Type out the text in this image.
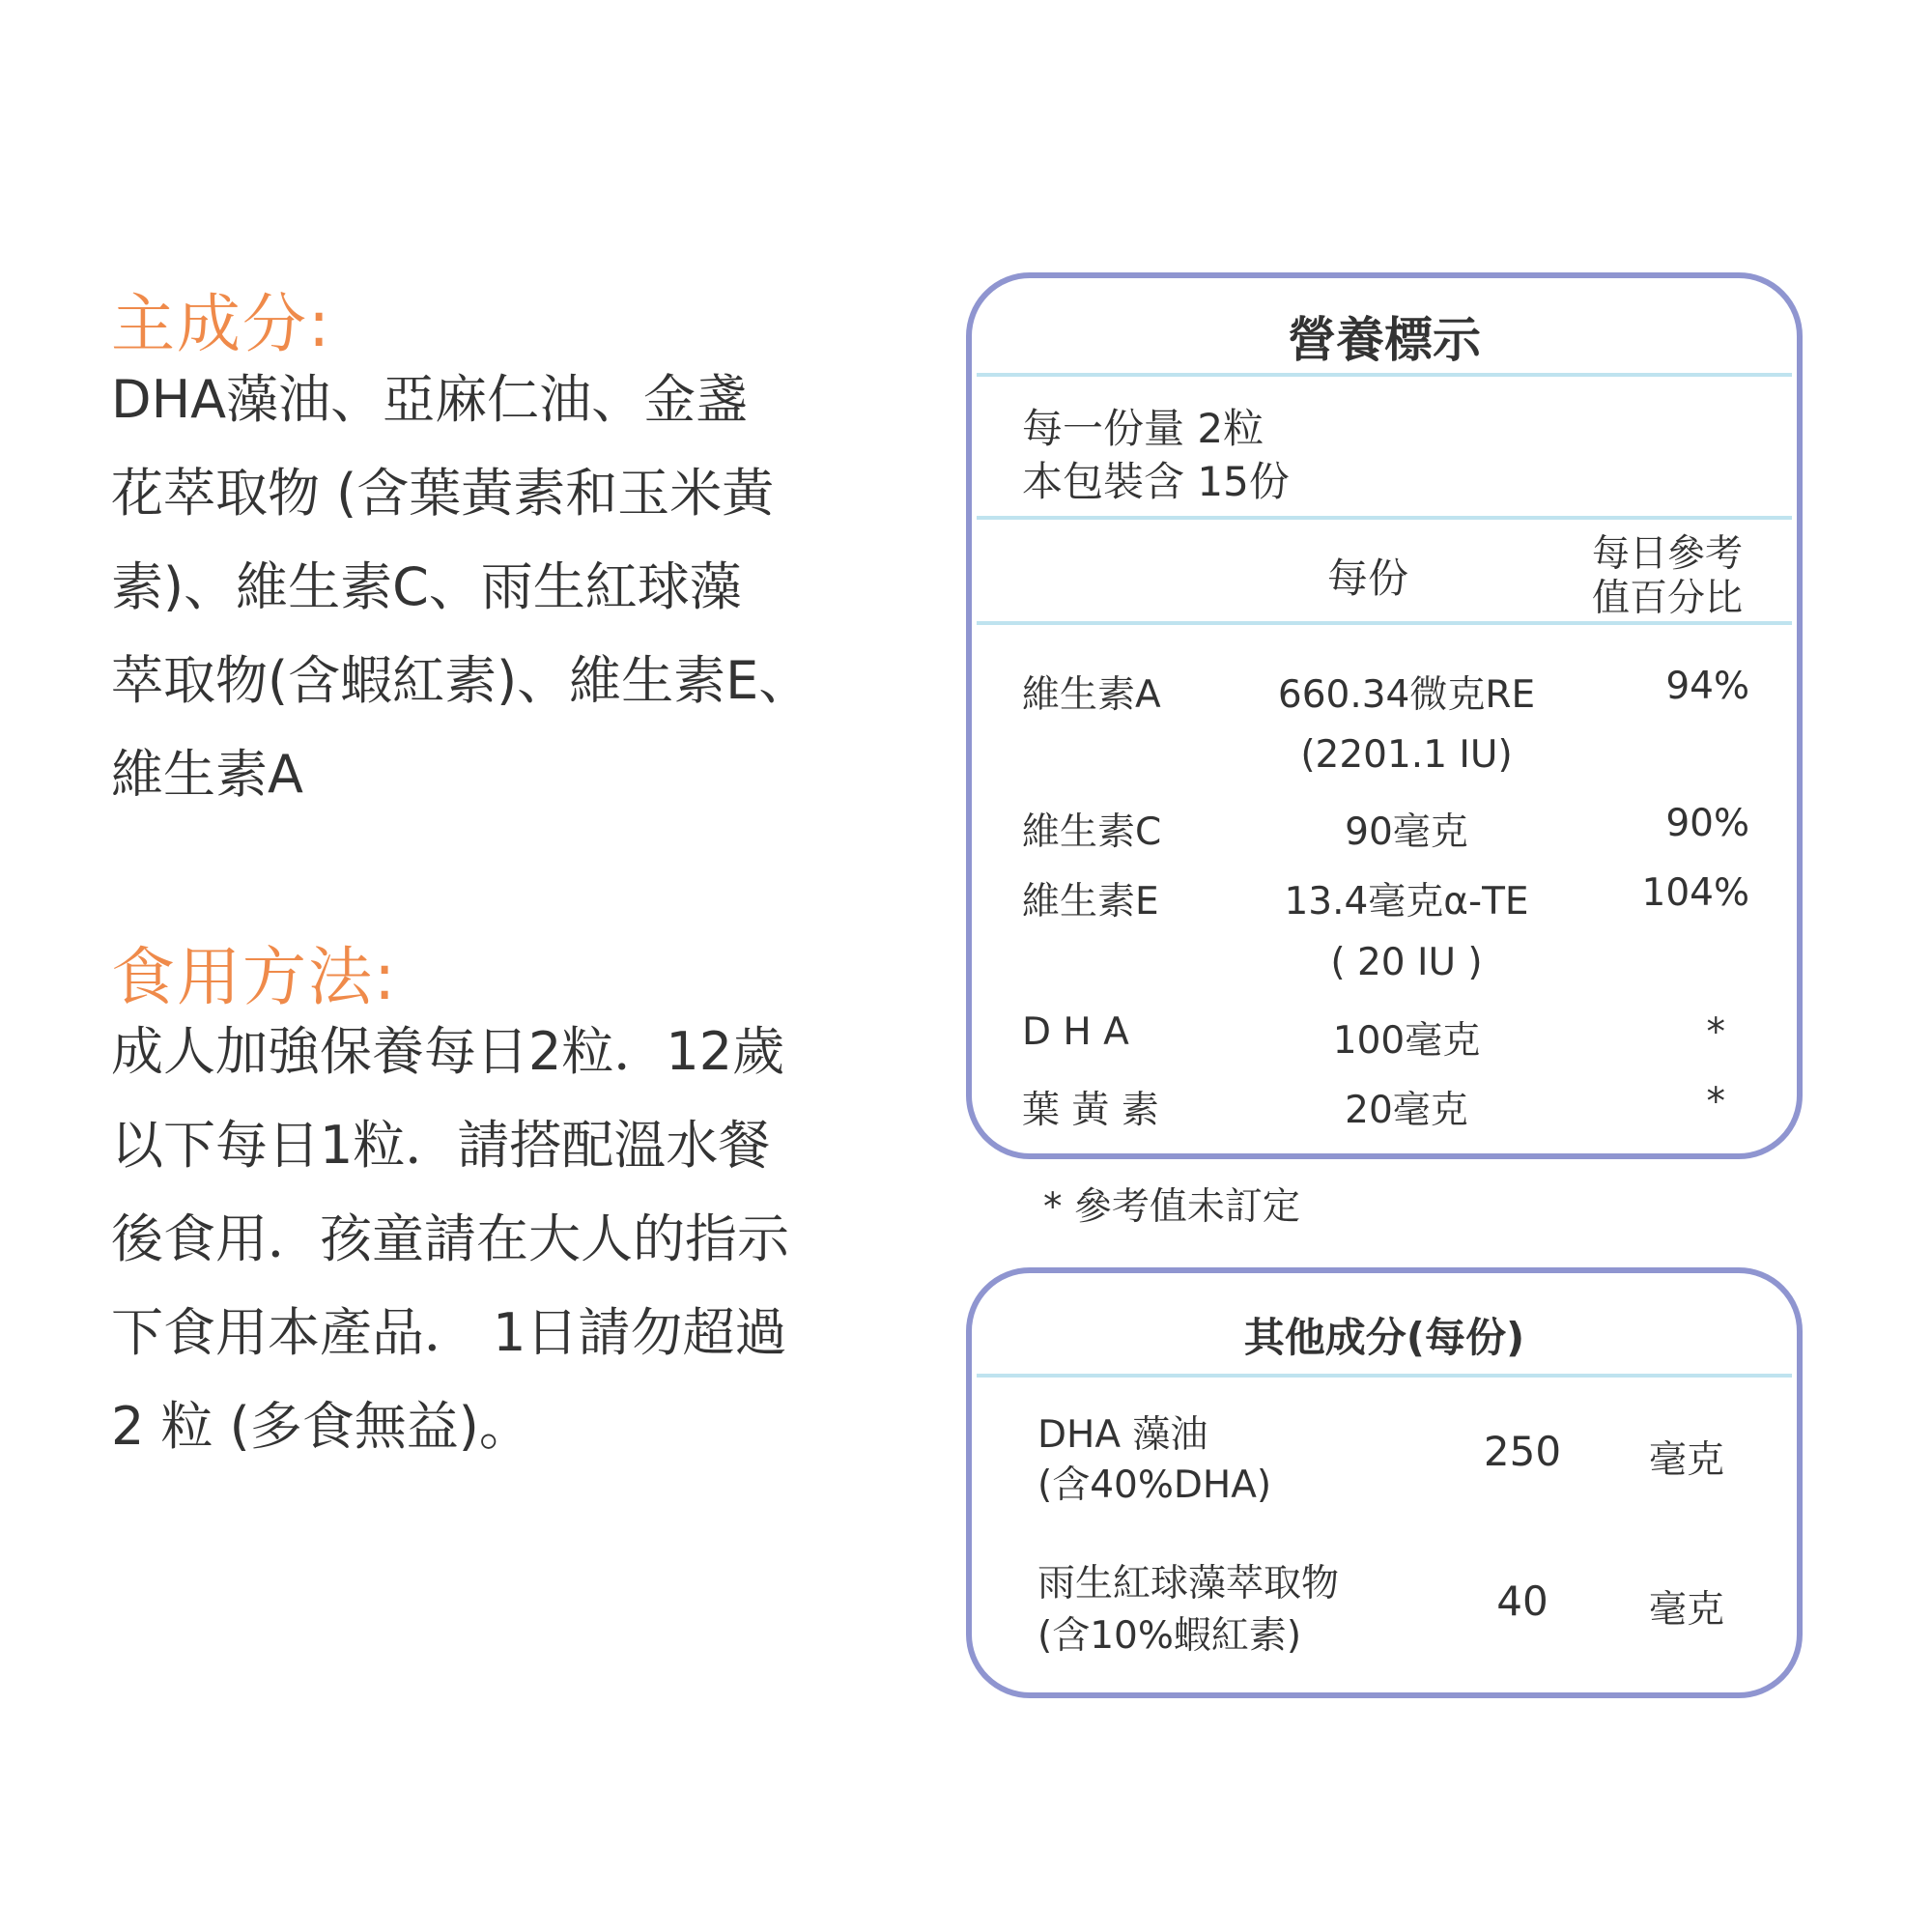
主成分:
DHA藻油、亞麻仁油、金盞
花萃取物 (含葉黃素和玉米黃
素)、維生素C、雨生紅球藻
萃取物(含蝦紅素)、維生素E、
維生素A
食用方法:
成人加強保養每日2粒．12歲
以下每日1粒．請搭配溫水餐
後食用．孩童請在大人的指示
下食用本產品． 1日請勿超過
2 粒 (多食無益)。
營養標示
每一份量 2粒
本包裝含 15份
每份
每日參考
值百分比
維生素A	660.34微克RE	94%
(2201.1 IU)
維生素C	90毫克	90%
維生素E	13.4毫克α-TE	104%
( 20 IU )
D H A	100毫克	*
葉 黃 素	20毫克	*
* 參考值未訂定
其他成分(每份)
DHA 藻油
(含40%DHA)
250	毫克
雨生紅球藻萃取物
(含10%蝦紅素)
40	毫克
